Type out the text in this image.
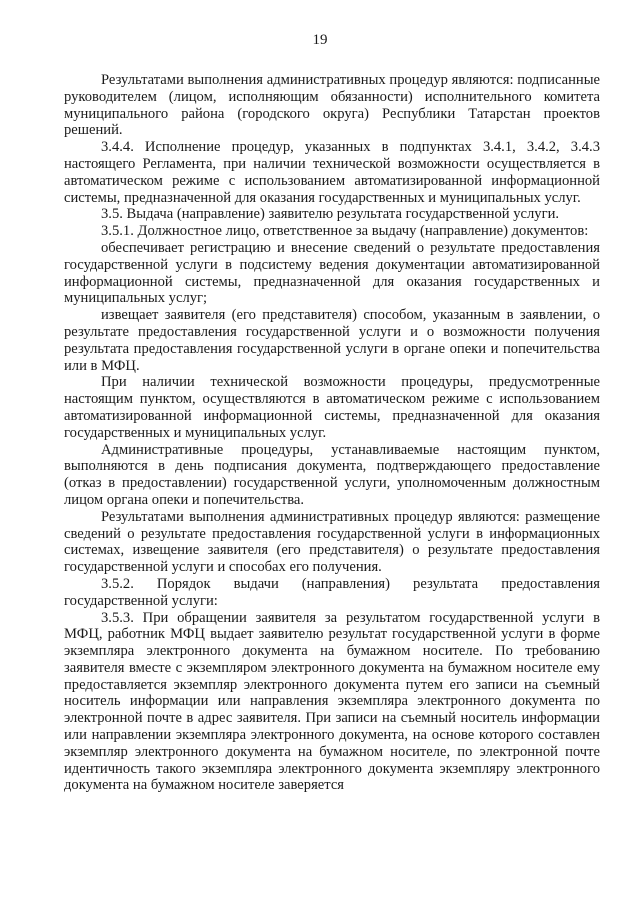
19

Результатами выполнения административных процедур являются: подписанные руководителем (лицом, исполняющим обязанности) исполнительного комитета муниципального района (городского округа) Республики Татарстан проектов решений.

3.4.4. Исполнение процедур, указанных в подпунктах 3.4.1, 3.4.2, 3.4.3 настоящего Регламента, при наличии технической возможности осуществляется в автоматическом режиме с использованием автоматизированной информационной системы, предназначенной для оказания государственных и муниципальных услуг.

3.5. Выдача (направление) заявителю результата государственной услуги.

3.5.1. Должностное лицо, ответственное за выдачу (направление) документов:

обеспечивает регистрацию и внесение сведений о результате предоставления государственной услуги в подсистему ведения документации автоматизированной информационной системы, предназначенной для оказания государственных и муниципальных услуг;

извещает заявителя (его представителя) способом, указанным в заявлении, о результате предоставления государственной услуги и о возможности получения результата предоставления государственной услуги в органе опеки и попечительства или в МФЦ.

При наличии технической возможности процедуры, предусмотренные настоящим пунктом, осуществляются в автоматическом режиме с использованием автоматизированной информационной системы, предназначенной для оказания государственных и муниципальных услуг.

Административные процедуры, устанавливаемые настоящим пунктом, выполняются в день подписания документа, подтверждающего предоставление (отказ в предоставлении) государственной услуги, уполномоченным должностным лицом органа опеки и попечительства.

Результатами выполнения административных процедур являются: размещение сведений о результате предоставления государственной услуги в информационных системах, извещение заявителя (его представителя) о результате предоставления государственной услуги и способах его получения.

3.5.2. Порядок выдачи (направления) результата предоставления государственной услуги:

3.5.3. При обращении заявителя за результатом государственной услуги в МФЦ, работник МФЦ выдает заявителю результат государственной услуги в форме экземпляра электронного документа на бумажном носителе. По требованию заявителя вместе с экземпляром электронного документа на бумажном носителе ему предоставляется экземпляр электронного документа путем его записи на съемный носитель информации или направления экземпляра электронного документа по электронной почте в адрес заявителя. При записи на съемный носитель информации или направлении экземпляра электронного документа, на основе которого составлен экземпляр электронного документа на бумажном носителе, по электронной почте идентичность такого экземпляра электронного документа экземпляру электронного документа на бумажном носителе заверяется
